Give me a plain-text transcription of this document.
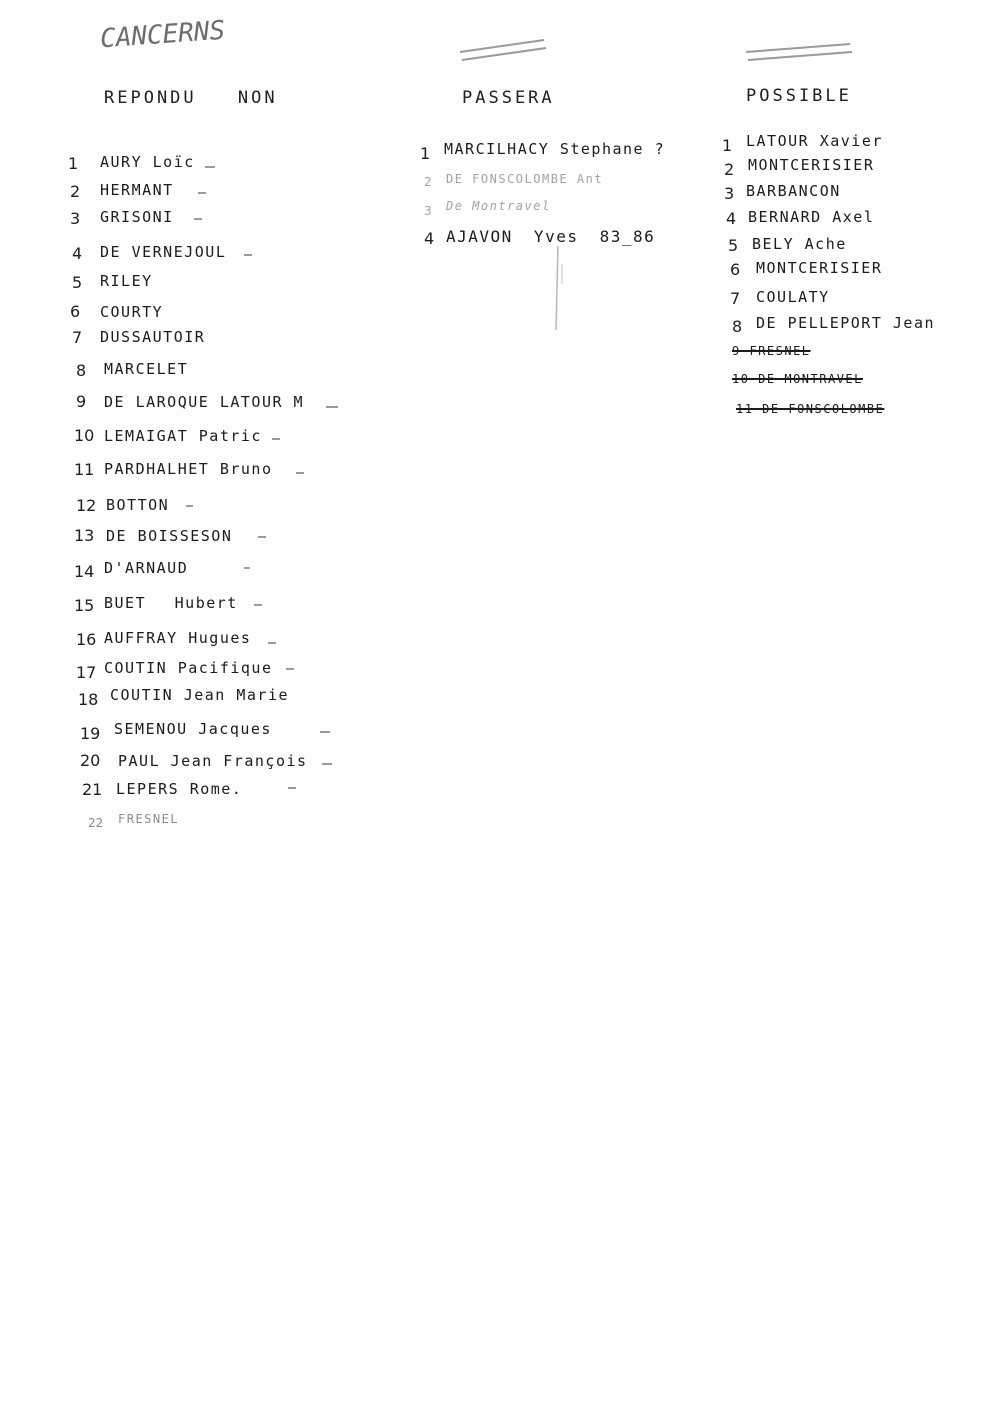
CANCERNS
REPONDU NON	PASSERA	POSSIBLE
1 AURY Loïc
2 HERMANT
3 GRISONI
4 DE VERNEJOUL
5 RILEY
6 COURTY
7 DUSSAUTOIR
8 MARCELET
9 DE LAROQUE LATOUR M
10 LEMAIGAT Patric
11 PARDHALHET Bruno
12 BOTTON
13 DE BOISSESON
14 D'ARNAUD
15 BUET Hubert
16 AUFFRAY Hugues
17 COUTIN Pacifique
18 COUTIN Jean Marie
19 SEMENOU Jacques
20 PAUL Jean François
21 LEPERS Rome.
22 FRESNEL
1 MARCILHACY Stephane ?
2 DE FONSCOLOMBE Ant
3 De Montravel
4 AJAVON Yves 83_86
1 LATOUR Xavier
2 MONTCERISIER
3 BARBANCON
4 BERNARD Axel
5 BELY Ache
6 MONTCERISIER
7 COULATY
8 DE PELLEPORT Jean
9 FRESNEL
10 DE MONTRAVEL
11 DE FONSCOLOMBE
